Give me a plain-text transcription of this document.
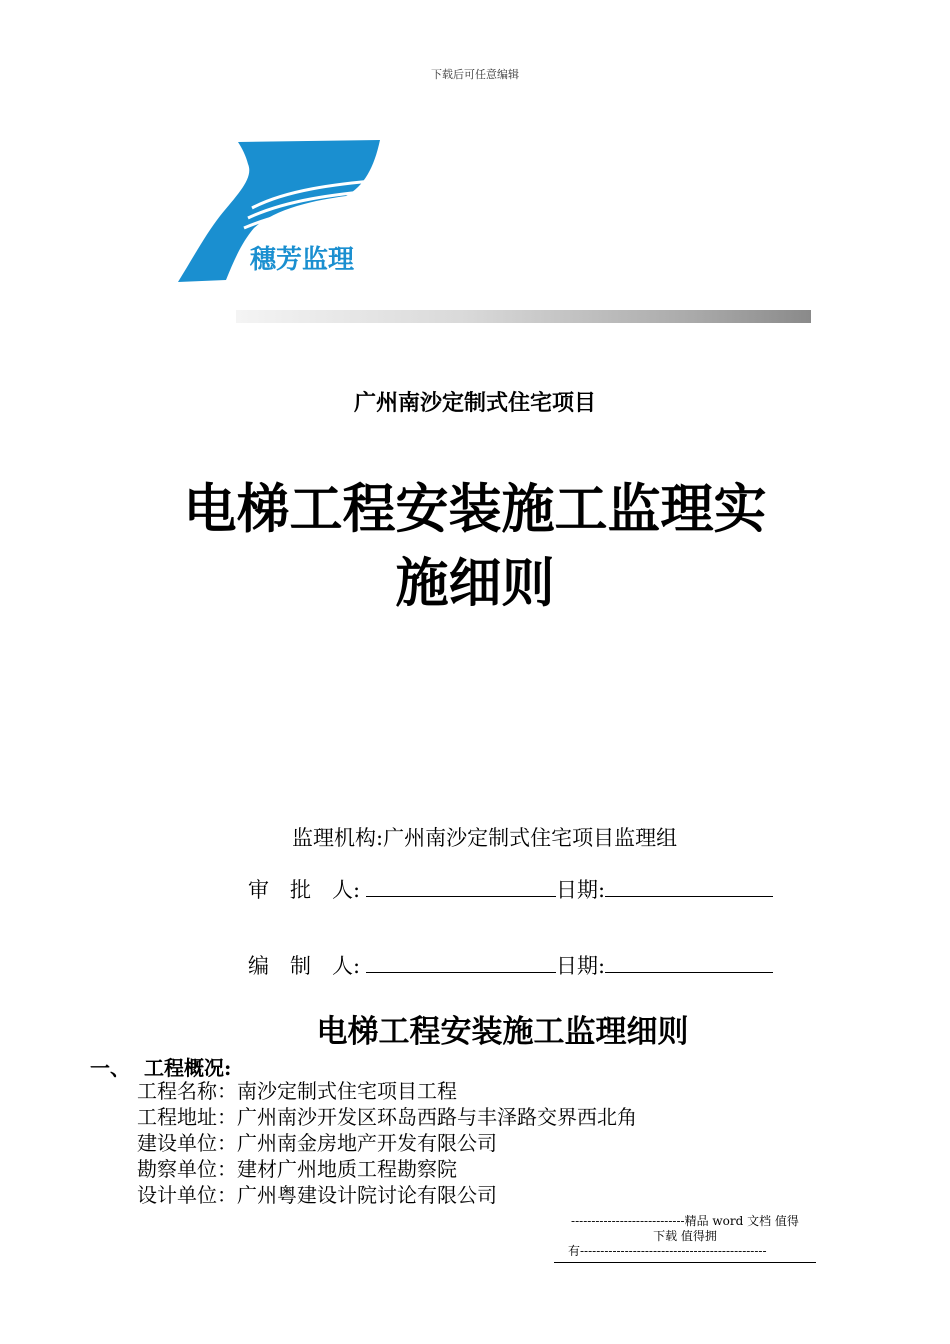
下载后可任意编辑
穗芳监理
广州南沙定制式住宅项目
电梯工程安装施工监理实
施细则
监理机构:广州南沙定制式住宅项目监理组
审　批　人:	日期:
编　制　人:	日期:
电梯工程安装施工监理细则
一、 工程概况:
工程名称：南沙定制式住宅项目工程
工程地址：广州南沙开发区环岛西路与丰泽路交界西北角
建设单位：广州南金房地产开发有限公司
勘察单位：建材广州地质工程勘察院
设计单位：广州粤建设计院讨论有限公司
----------------------------精品 word 文档 值得
下载 值得拥
有----------------------------------------------
